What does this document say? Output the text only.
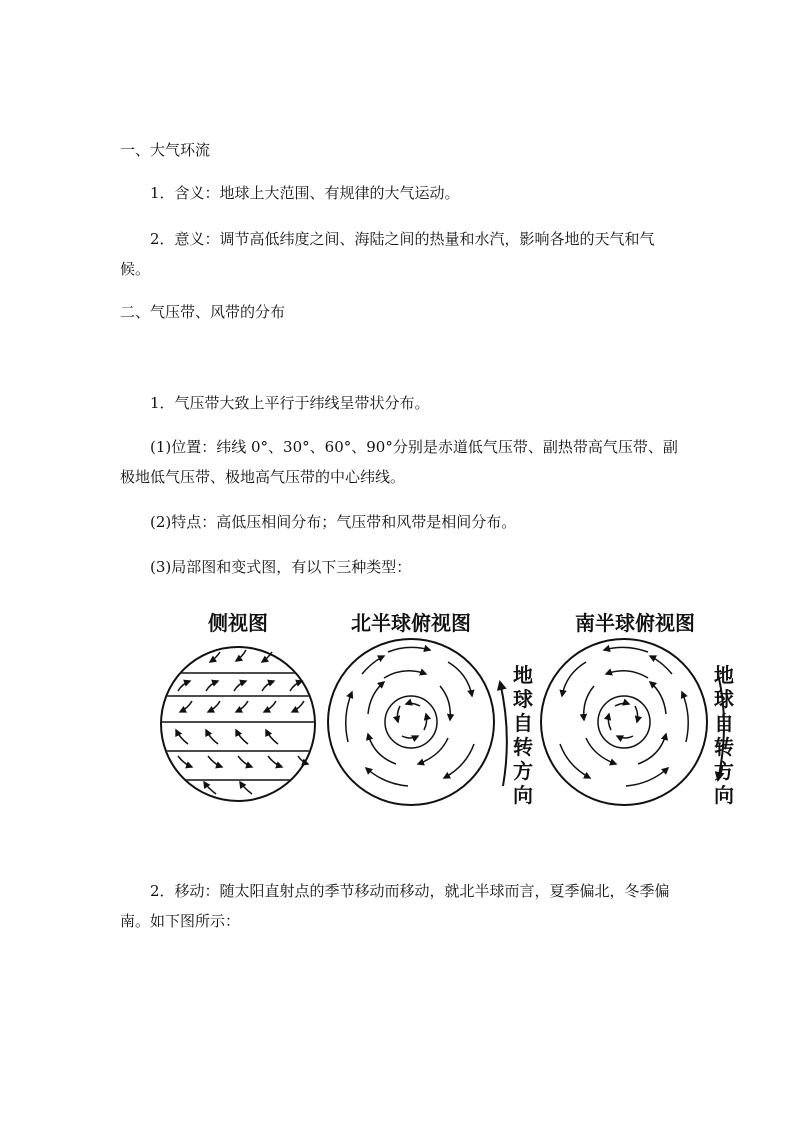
一、大气环流

1．含义：地球上大范围、有规律的大气运动。

2．意义：调节高低纬度之间、海陆之间的热量和水汽，影响各地的天气和气候。

二、气压带、风带的分布

1．气压带大致上平行于纬线呈带状分布。

(1)位置：纬线 0°、30°、60°、90°分别是赤道低气压带、副热带高气压带、副极地低气压带、极地高气压带的中心纬线。

(2)特点：高低压相间分布；气压带和风带是相间分布。

(3)局部图和变式图，有以下三种类型：

侧视图	北半球俯视图	南半球俯视图
地
球
自
转
方
向
地
球
自
转
方
向

2．移动：随太阳直射点的季节移动而移动，就北半球而言，夏季偏北，冬季偏南。如下图所示：
